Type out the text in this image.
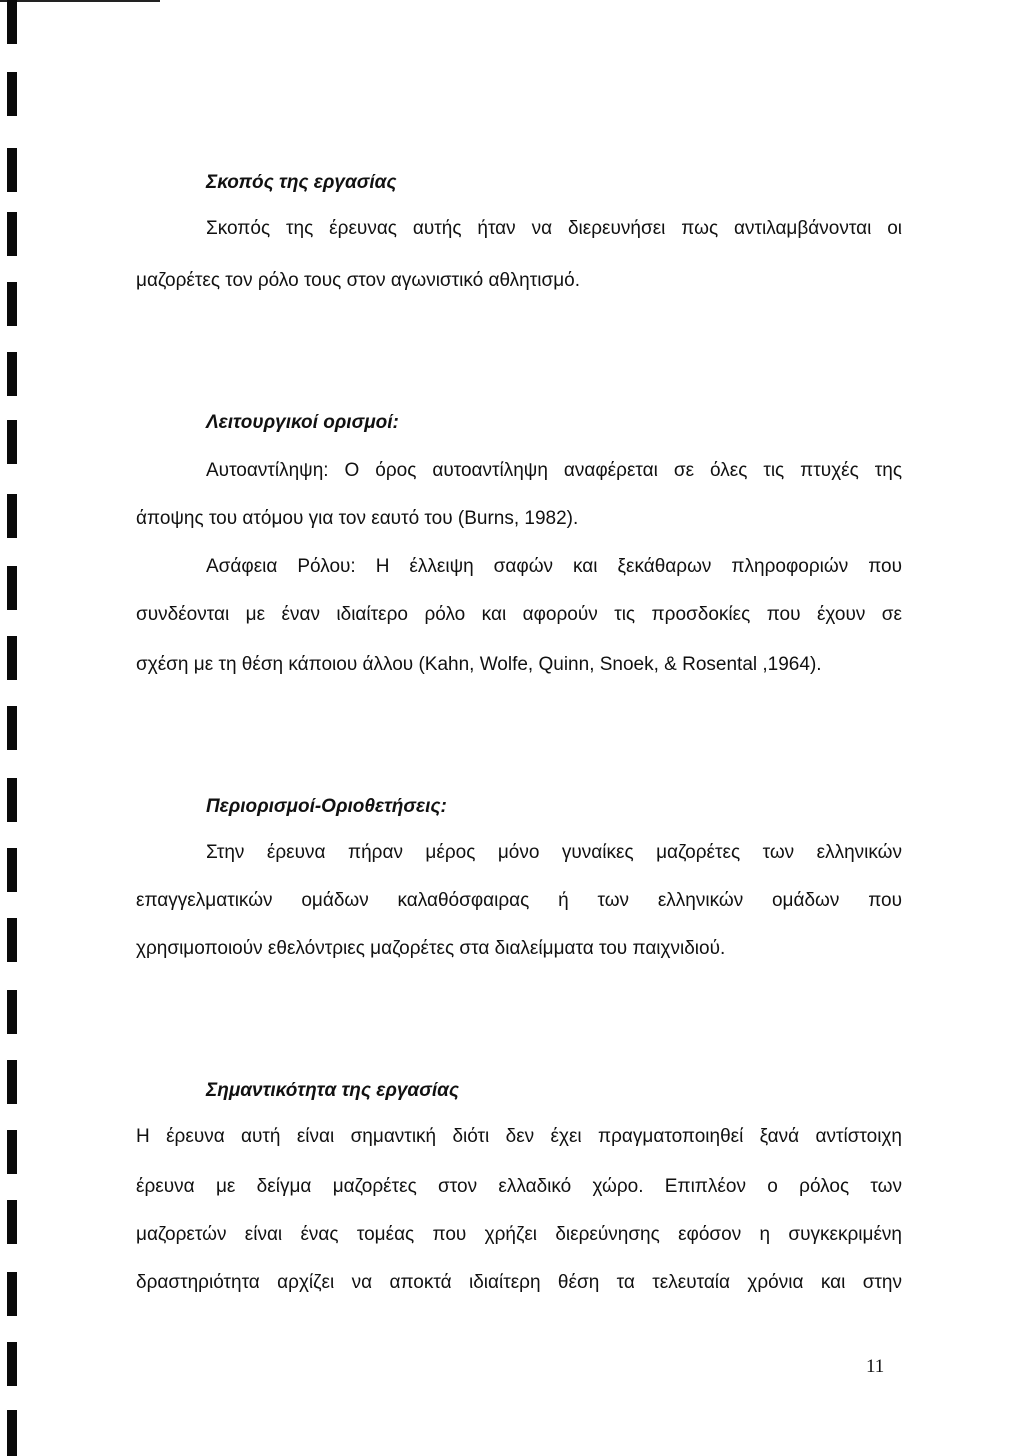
Σκοπός της εργασίας

Σκοπός της έρευνας αυτής ήταν να διερευνήσει πως αντιλαμβάνονται οι

μαζορέτες τον ρόλο τους στον αγωνιστικό αθλητισμό.

Λειτουργικοί ορισμοί:

Αυτοαντίληψη: Ο όρος αυτοαντίληψη αναφέρεται σε όλες τις πτυχές της

άποψης του ατόμου για τον εαυτό του (Burns, 1982).

Ασάφεια Ρόλου: Η έλλειψη σαφών και ξεκάθαρων πληροφοριών που

συνδέονται με έναν ιδιαίτερο ρόλο και αφορούν τις προσδοκίες που έχουν σε

σχέση με τη θέση κάποιου άλλου (Kahn, Wolfe, Quinn, Snoek, & Rosental ,1964).

Περιορισμοί-Οριοθετήσεις:

Στην έρευνα πήραν μέρος μόνο γυναίκες μαζορέτες των ελληνικών

επαγγελματικών ομάδων καλαθόσφαιρας ή των ελληνικών ομάδων που

χρησιμοποιούν εθελόντριες μαζορέτες στα διαλείμματα του παιχνιδιού.

Σημαντικότητα της εργασίας

Η έρευνα αυτή είναι σημαντική διότι δεν έχει πραγματοποιηθεί ξανά αντίστοιχη

έρευνα με δείγμα μαζορέτες στον ελλαδικό χώρο. Επιπλέον ο ρόλος των

μαζορετών είναι ένας τομέας που χρήζει διερεύνησης εφόσον η συγκεκριμένη

δραστηριότητα αρχίζει να αποκτά ιδιαίτερη θέση τα τελευταία χρόνια και στην

11
